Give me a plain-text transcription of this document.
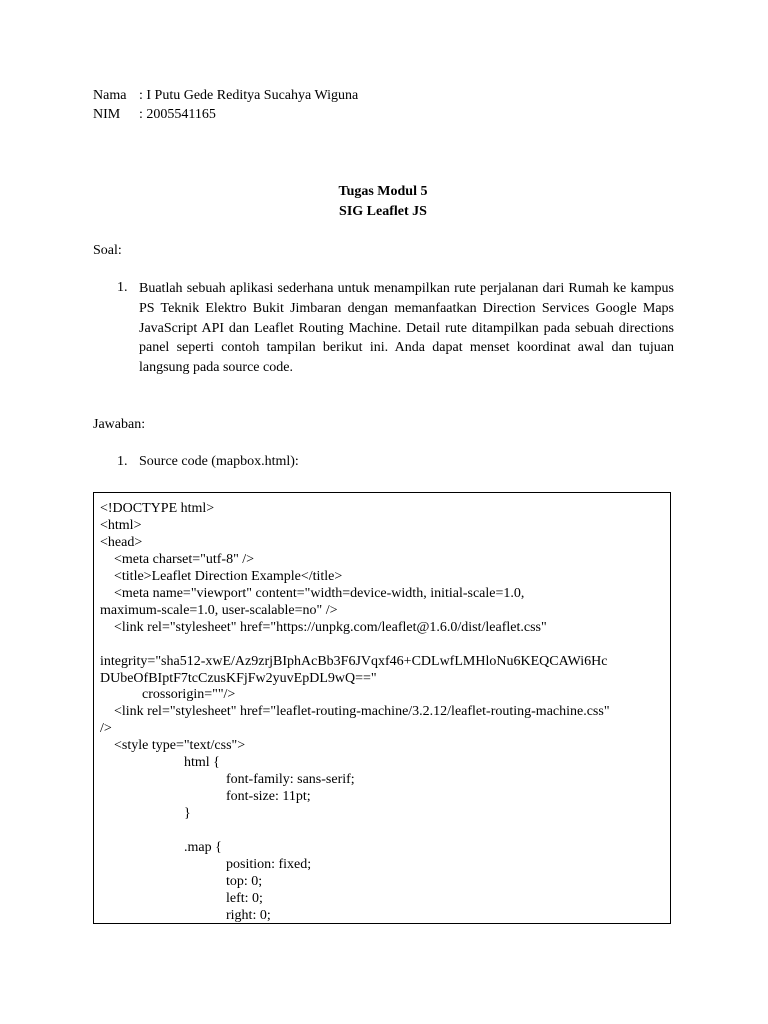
Nama : I Putu Gede Reditya Sucahya Wiguna
NIM : 2005541165
Tugas Modul 5
SIG Leaflet JS
Soal:
1. Buatlah sebuah aplikasi sederhana untuk menampilkan rute perjalanan dari Rumah ke kampus PS Teknik Elektro Bukit Jimbaran dengan memanfaatkan Direction Services Google Maps JavaScript API dan Leaflet Routing Machine. Detail rute ditampilkan pada sebuah directions panel seperti contoh tampilan berikut ini. Anda dapat menset koordinat awal dan tujuan langsung pada source code.
Jawaban:
1. Source code (mapbox.html):
<!DOCTYPE html>
<html>
<head>
<meta charset="utf-8" />
<title>Leaflet Direction Example</title>
<meta name="viewport" content="width=device-width, initial-scale=1.0,
maximum-scale=1.0, user-scalable=no" />
<link rel="stylesheet" href="https://unpkg.com/leaflet@1.6.0/dist/leaflet.css"
integrity="sha512-xwE/Az9zrjBIphAcBb3F6JVqxf46+CDLwfLMHloNu6KEQCAWi6Hc
DUbeOfBIptF7tcCzusKFjFw2yuvEpDL9wQ=="
crossorigin=""/>
<link rel="stylesheet" href="leaflet-routing-machine/3.2.12/leaflet-routing-machine.css"
/>
<style type="text/css">
html {
font-family: sans-serif;
font-size: 11pt;
}
.map {
position: fixed;
top: 0;
left: 0;
right: 0;
